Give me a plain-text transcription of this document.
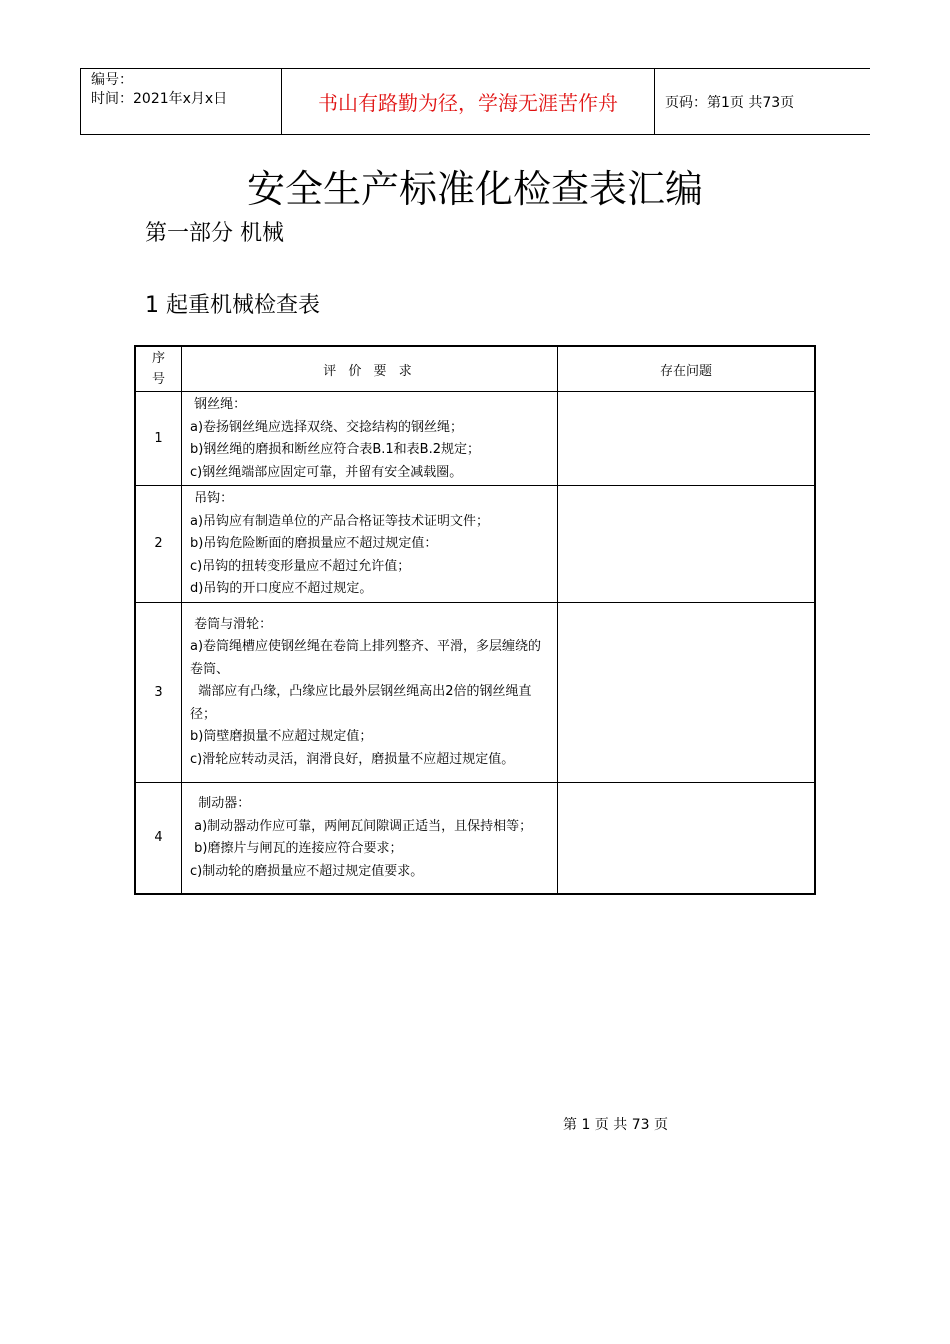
编号：
时间：2021年x月x日	书山有路勤为径，学海无涯苦作舟	页码：第1页 共73页
安全生产标准化检查表汇编
第一部分 机械
1 起重机械检查表
序
号	评 价 要 求	存在问题
1	钢丝绳：
a)卷扬钢丝绳应选择双绕、交捻结构的钢丝绳；
b)钢丝绳的磨损和断丝应符合表B.1和表B.2规定；
c)钢丝绳端部应固定可靠，并留有安全减载圈。	

2	吊钩：
a)吊钩应有制造单位的产品合格证等技术证明文件；
b)吊钩危险断面的磨损量应不超过规定值：
c)吊钩的扭转变形量应不超过允许值；
d)吊钩的开口度应不超过规定。	

3	卷筒与滑轮：
a)卷筒绳槽应使钢丝绳在卷筒上排列整齐、平滑，多层缠绕的卷筒、
端部应有凸缘，凸缘应比最外层钢丝绳高出2倍的钢丝绳直径；
b)筒壁磨损量不应超过规定值；
c)滑轮应转动灵活，润滑良好，磨损量不应超过规定值。	

4	制动器：
a)制动器动作应可靠，两闸瓦间隙调正适当，且保持相等；
b)磨擦片与闸瓦的连接应符合要求；
c)制动轮的磨损量应不超过规定值要求。	

第 1 页 共 73 页
